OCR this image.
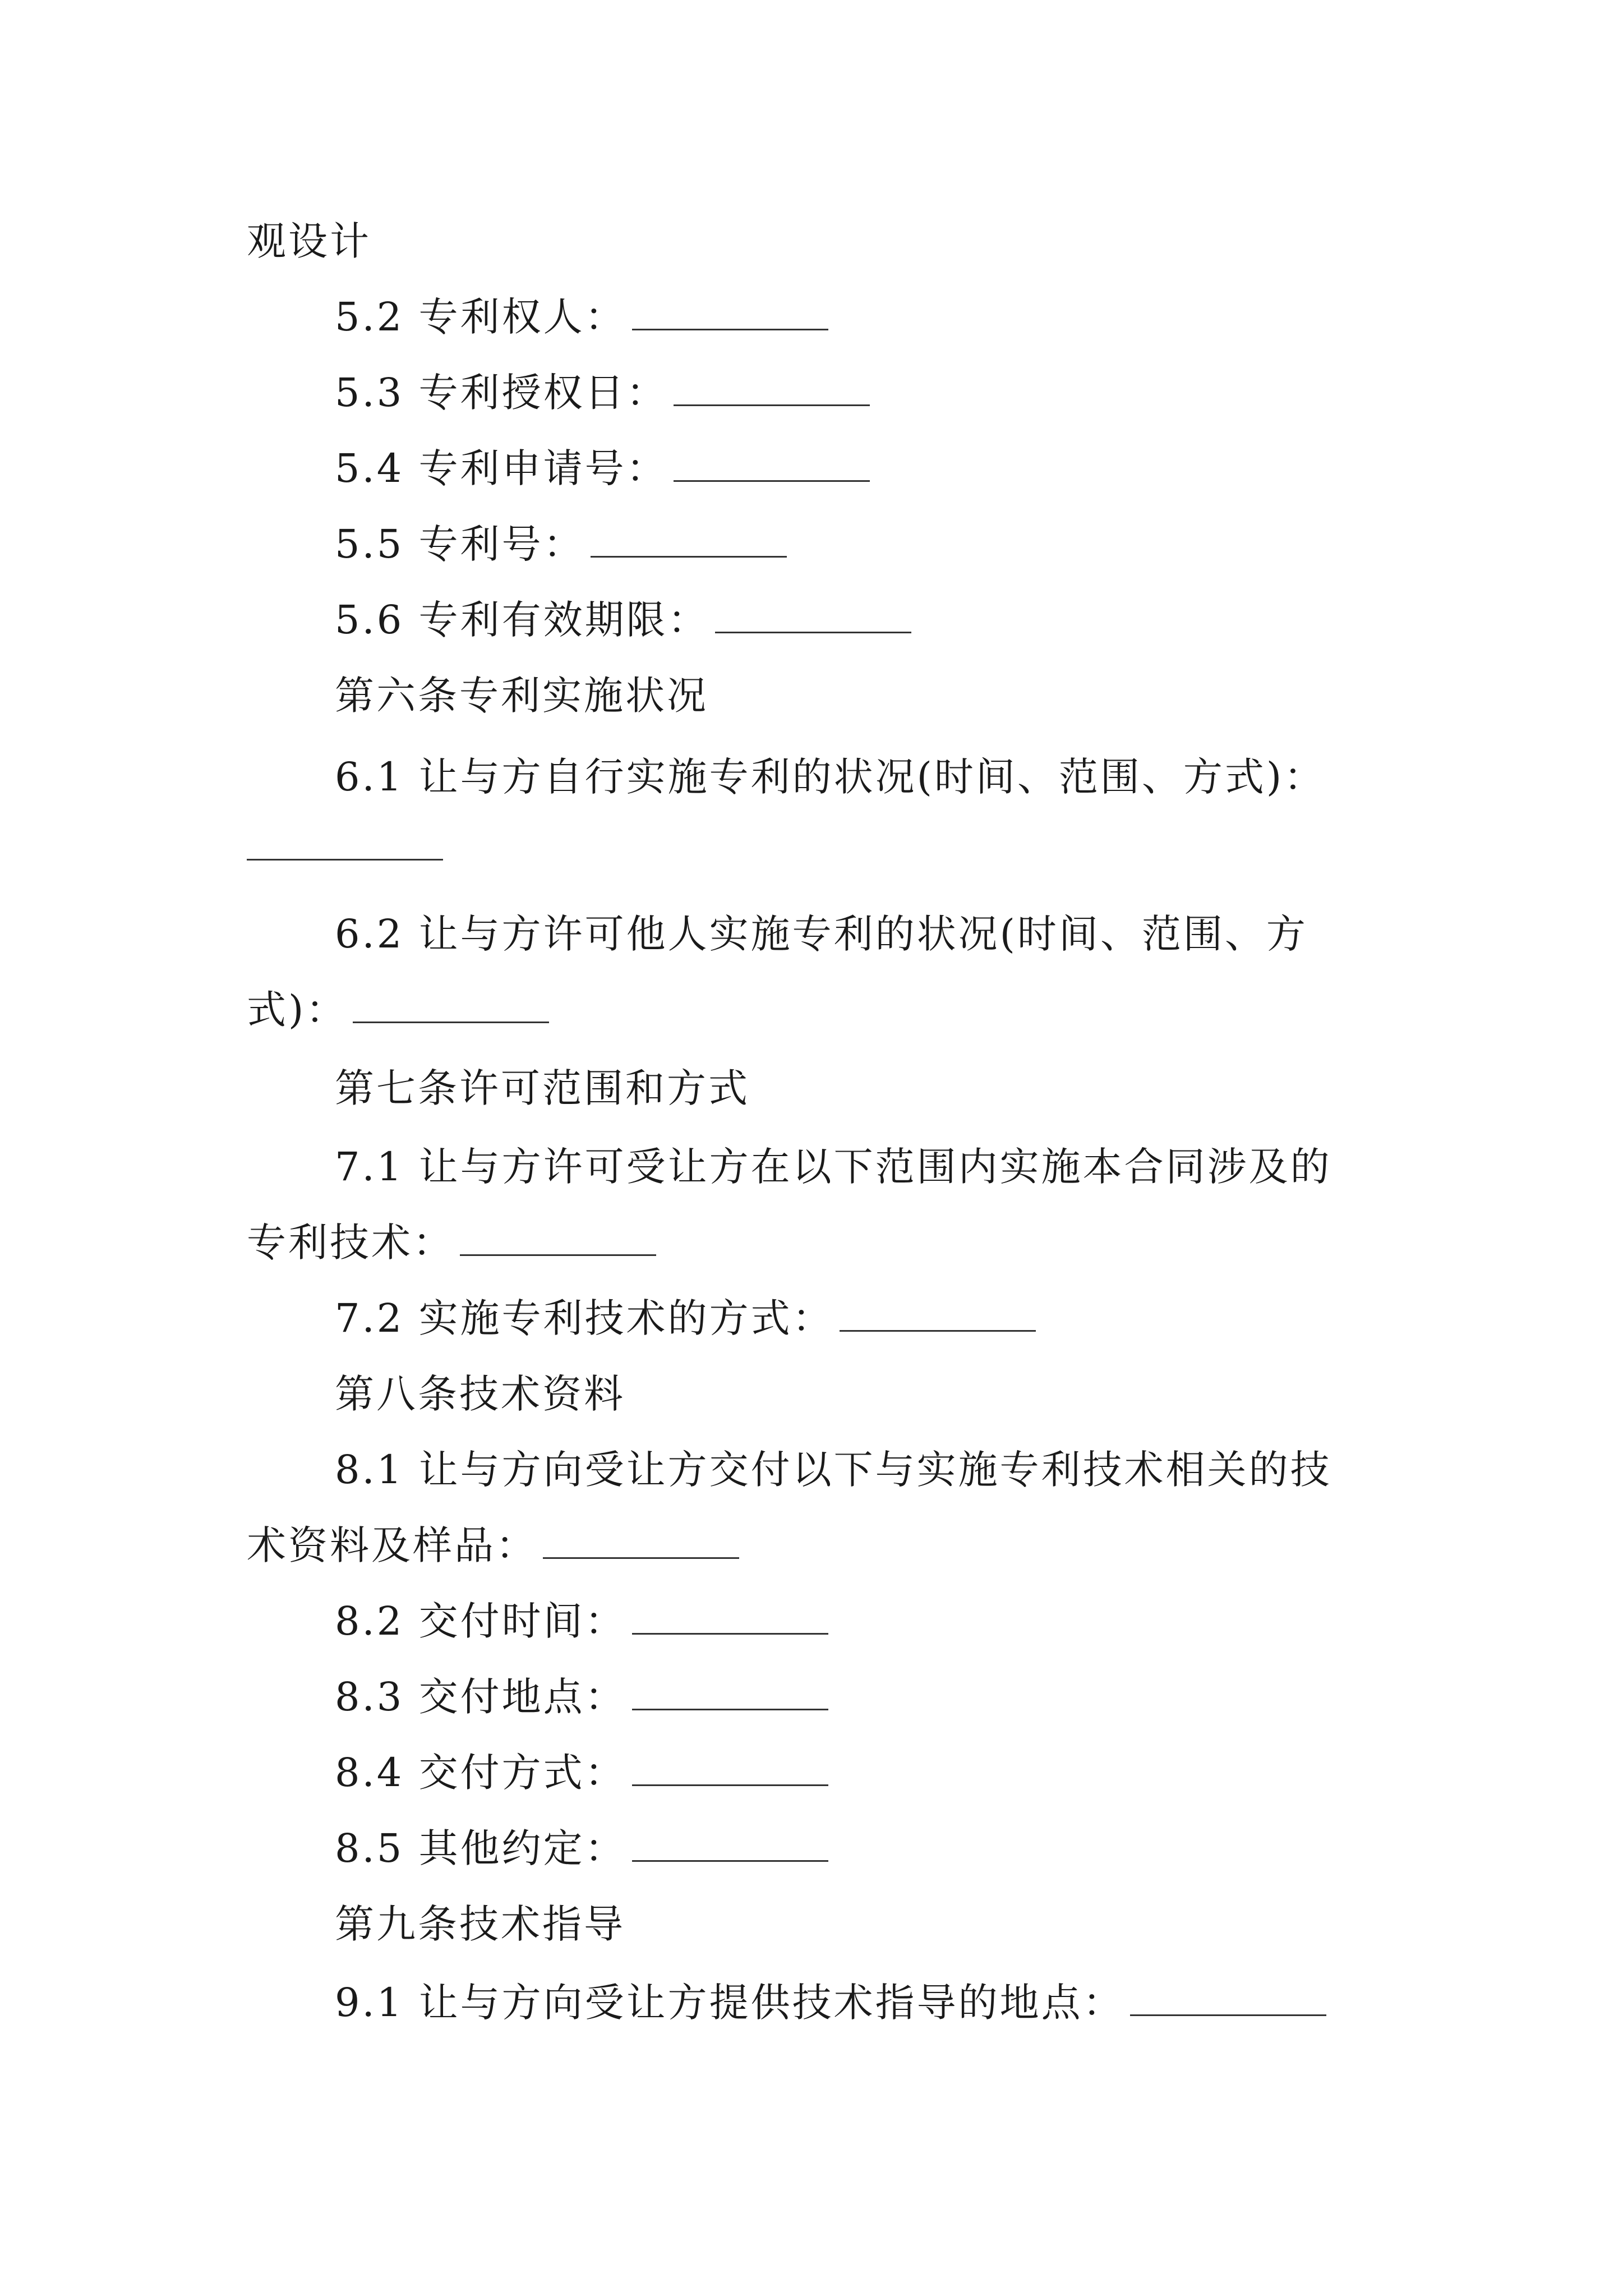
观设计
5.2 专利权人：
5.3 专利授权日：
5.4 专利申请号：
5.5 专利号：
5.6 专利有效期限：
第六条专利实施状况
6.1 让与方自行实施专利的状况(时间、范围、方式)：
6.2 让与方许可他人实施专利的状况(时间、范围、方
式)：
第七条许可范围和方式
7.1 让与方许可受让方在以下范围内实施本合同涉及的
专利技术：
7.2 实施专利技术的方式：
第八条技术资料
8.1 让与方向受让方交付以下与实施专利技术相关的技
术资料及样品：
8.2 交付时间：
8.3 交付地点：
8.4 交付方式：
8.5 其他约定：
第九条技术指导
9.1 让与方向受让方提供技术指导的地点：
